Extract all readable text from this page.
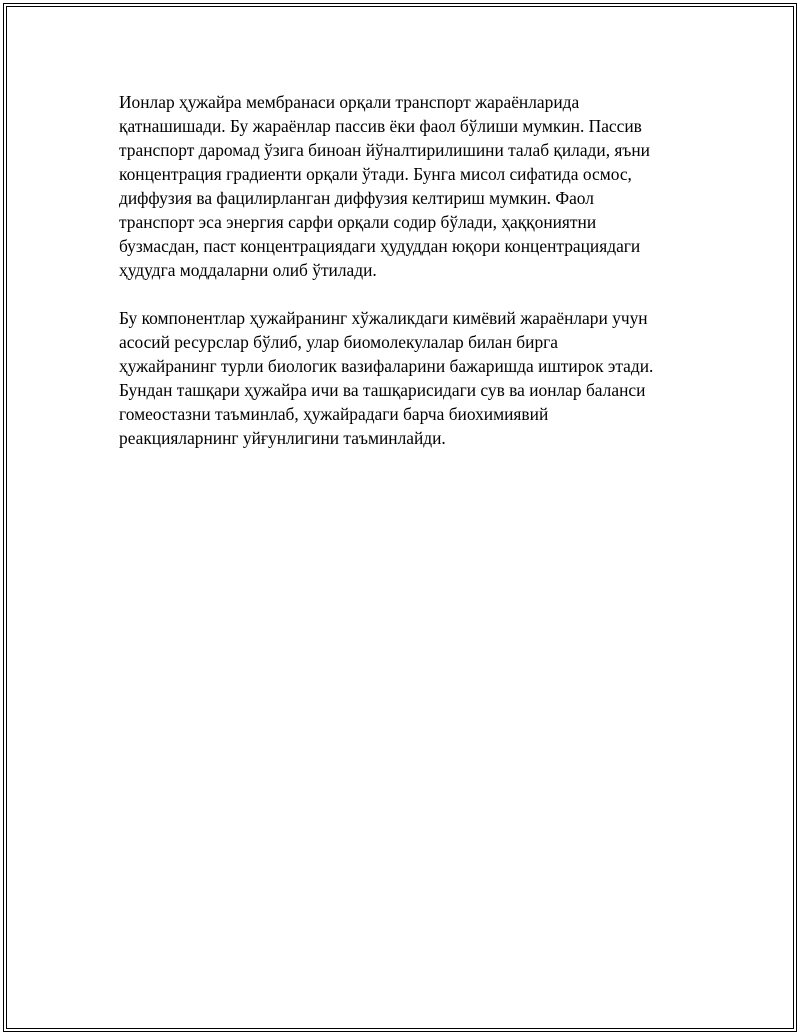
Ионлар ҳужайра мембранаси орқали транспорт жараёнларида
қатнашишади. Бу жараёнлар пассив ёки фаол бўлиши мумкин. Пассив
транспорт даромад ўзига биноан йўналтирилишини талаб қилади, яъни
концентрация градиенти орқали ўтади. Бунга мисол сифатида осмос,
диффузия ва фацилирланган диффузия келтириш мумкин. Фаол
транспорт эса энергия сарфи орқали содир бўлади, ҳаққониятни
бузмасдан, паст концентрациядаги ҳудуддан юқори концентрациядаги
ҳудудга моддаларни олиб ўтилади.

Бу компонентлар ҳужайранинг хўжаликдаги кимёвий жараёнлари учун
асосий ресурслар бўлиб, улар биомолекулалар билан бирга
ҳужайранинг турли биологик вазифаларини бажаришда иштирок этади.
Бундан ташқари ҳужайра ичи ва ташқарисидаги сув ва ионлар баланси
гомеостазни таъминлаб, ҳужайрадаги барча биохимиявий
реакцияларнинг уйғунлигини таъминлайди.
